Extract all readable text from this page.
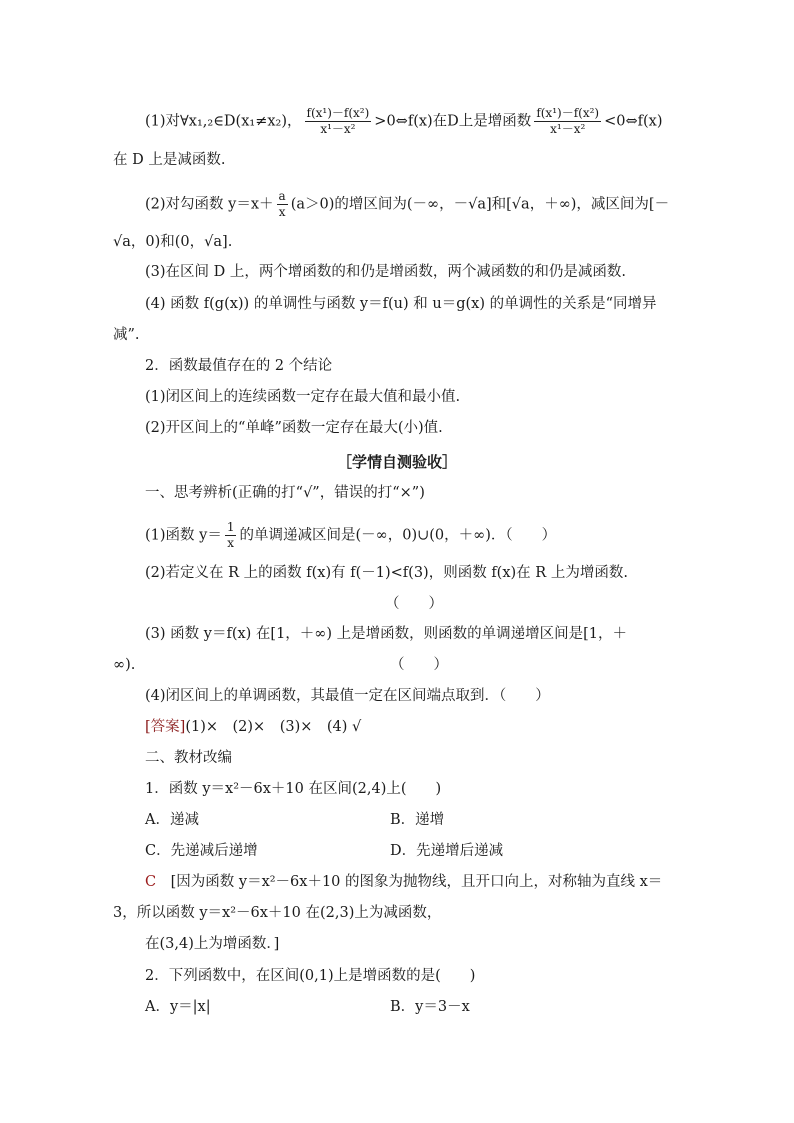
(1)对∀x₁,₂∈D(x₁≠x₂)， $\frac{\text{f(x¹)－f(x²)}}{\text{x¹－x²}}$ >0⇔f(x)在D上是增函数 $\frac{\text{f(x¹)－f(x²)}}{\text{x¹－x²}}$ <0⇔f(x)
在 D 上是减函数.
(2)对勾函数 $y=x+ \frac{a}{x} (a>0)$的增区间为(－∞，－√a]和[√a，＋∞)，减区间为[－
√a，0)和(0，√a].
(3)在区间 D 上，两个增函数的和仍是增函数，两个减函数的和仍是减函数.
(4) 函数 f(g(x)) 的单调性与函数 y＝f(u) 和 u＝g(x) 的单调性的关系是“同增异
减”.
2．函数最值存在的 2 个结论
(1)闭区间上的连续函数一定存在最大值和最小值.
(2)开区间上的“单峰”函数一定存在最大(小)值.
［学情自测验收］
一、思考辨析(正确的打“√”，错误的打“×”)
(1)函数 $y= \frac{1}{x}$ 的单调递减区间是(－∞，0)∪(0，＋∞)．（　　）
(2)若定义在 R 上的函数 f(x)有 f(－1)<f(3)，则函数 f(x)在 R 上为增函数.
（　　）
(3) 函数 y＝f(x) 在[1，＋∞) 上是增函数，则函数的单调递增区间是[1，＋
∞).	（　　）
(4)闭区间上的单调函数，其最值一定在区间端点取到．（　　）
[答案](1)×　(2)×　(3)×　(4) √
二、教材改编
1．函数 y＝x²－6x＋10 在区间(2,4)上(　　)
A．递减	B．递增
C．先递减后递增	D．先递增后递减
C　[因为函数 y＝x²－6x＋10 的图象为抛物线，且开口向上，对称轴为直线 x＝
3，所以函数 y＝x²－6x＋10 在(2,3)上为减函数，
在(3,4)上为增函数．]
2．下列函数中，在区间(0,1)上是增函数的是(　　)
A．y＝|x|	B．y＝3－x
